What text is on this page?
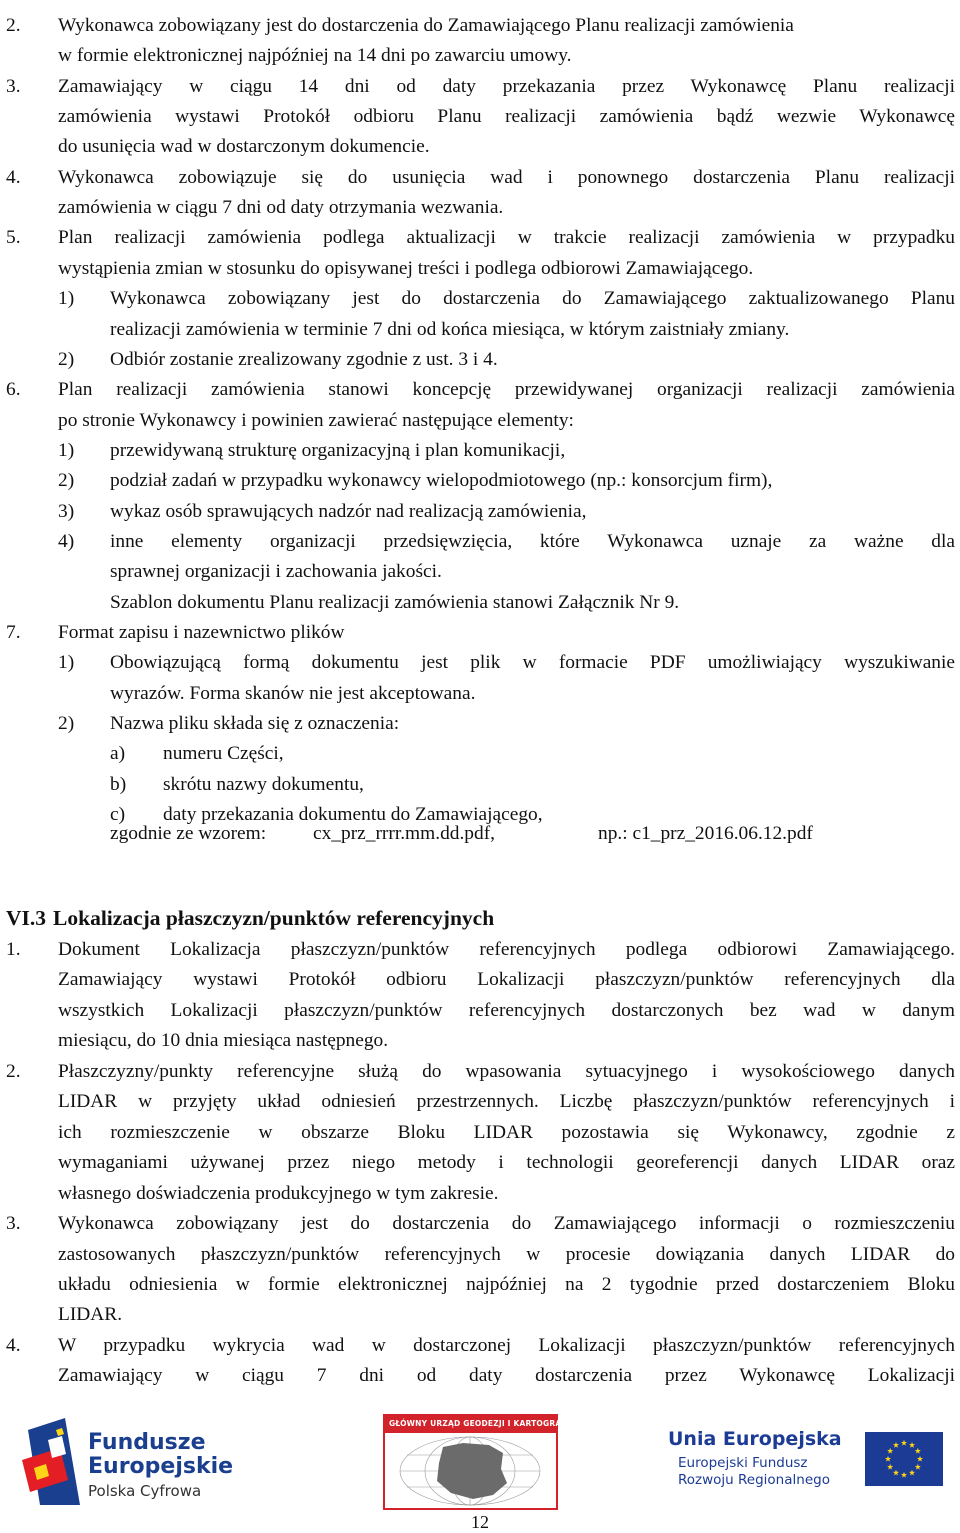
2. Wykonawca zobowiązany jest do dostarczenia do Zamawiającego Planu realizacji zamówienia
w formie elektronicznej najpóźniej na 14 dni po zawarciu umowy.
3. Zamawiający w ciągu 14 dni od daty przekazania przez Wykonawcę Planu realizacji
zamówienia wystawi Protokół odbioru Planu realizacji zamówienia bądź wezwie Wykonawcę
do usunięcia wad w dostarczonym dokumencie.
4. Wykonawca zobowiązuje się do usunięcia wad i ponownego dostarczenia Planu realizacji
zamówienia w ciągu 7 dni od daty otrzymania wezwania.
5. Plan realizacji zamówienia podlega aktualizacji w trakcie realizacji zamówienia w przypadku
wystąpienia zmian w stosunku do opisywanej treści i podlega odbiorowi Zamawiającego.
1) Wykonawca zobowiązany jest do dostarczenia do Zamawiającego zaktualizowanego Planu
realizacji zamówienia w terminie 7 dni od końca miesiąca, w którym zaistniały zmiany.
2) Odbiór zostanie zrealizowany zgodnie z ust. 3 i 4.
6. Plan realizacji zamówienia stanowi koncepcję przewidywanej organizacji realizacji zamówienia
po stronie Wykonawcy i powinien zawierać następujące elementy:
1) przewidywaną strukturę organizacyjną i plan komunikacji,
2) podział zadań w przypadku wykonawcy wielopodmiotowego (np.: konsorcjum firm),
3) wykaz osób sprawujących nadzór nad realizacją zamówienia,
4) inne elementy organizacji przedsięwzięcia, które Wykonawca uznaje za ważne dla
sprawnej organizacji i zachowania jakości.
Szablon dokumentu Planu realizacji zamówienia stanowi Załącznik Nr 9.
7. Format zapisu i nazewnictwo plików
1) Obowiązującą formą dokumentu jest plik w formacie PDF umożliwiający wyszukiwanie
wyrazów. Forma skanów nie jest akceptowana.
2) Nazwa pliku składa się z oznaczenia:
a) numeru Części,
b) skrótu nazwy dokumentu,
c) daty przekazania dokumentu do Zamawiającego,
zgodnie ze wzorem: cx_prz_rrrr.mm.dd.pdf,	np.: c1_prz_2016.06.12.pdf
VI.3 Lokalizacja płaszczyzn/punktów referencyjnych
1. Dokument Lokalizacja płaszczyzn/punktów referencyjnych podlega odbiorowi Zamawiającego.
Zamawiający wystawi Protokół odbioru Lokalizacji płaszczyzn/punktów referencyjnych dla
wszystkich Lokalizacji płaszczyzn/punktów referencyjnych dostarczonych bez wad w danym
miesiącu, do 10 dnia miesiąca następnego.
2. Płaszczyzny/punkty referencyjne służą do wpasowania sytuacyjnego i wysokościowego danych
LIDAR w przyjęty układ odniesień przestrzennych. Liczbę płaszczyzn/punktów referencyjnych i
ich rozmieszczenie w obszarze Bloku LIDAR pozostawia się Wykonawcy, zgodnie z
wymaganiami używanej przez niego metody i technologii georeferencji danych LIDAR oraz
własnego doświadczenia produkcyjnego w tym zakresie.
3. Wykonawca zobowiązany jest do dostarczenia do Zamawiającego informacji o rozmieszczeniu
zastosowanych płaszczyzn/punktów referencyjnych w procesie dowiązania danych LIDAR do
układu odniesienia w formie elektronicznej najpóźniej na 2 tygodnie przed dostarczeniem Bloku
LIDAR.
4. W przypadku wykrycia wad w dostarczonej Lokalizacji płaszczyzn/punktów referencyjnych
Zamawiający w ciągu 7 dni od daty dostarczenia przez Wykonawcę Lokalizacji
Fundusze
Europejskie
Polska Cyfrowa
GŁÓWNY URZĄD GEODEZJI I KARTOGRAFII
Unia Europejska
Europejski Fundusz
Rozwoju Regionalnego
12
